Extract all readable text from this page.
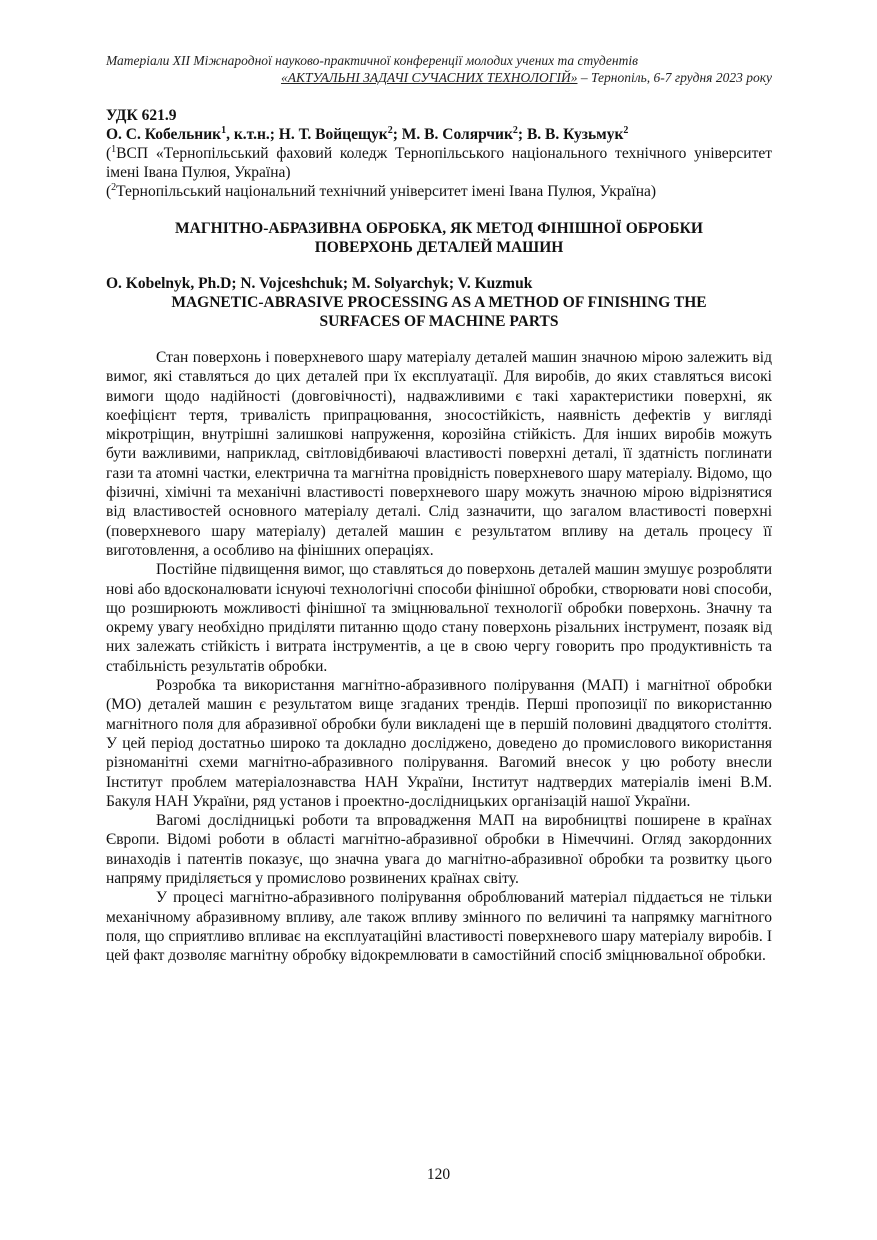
Матеріали XII Міжнародної науково-практичної конференції молодих учених та студентів
«АКТУАЛЬНІ ЗАДАЧІ СУЧАСНИХ ТЕХНОЛОГІЙ» – Тернопіль, 6-7 грудня 2023 року
УДК 621.9
О. С. Кобельник$^1$, к.т.н.; Н. Т. Войцещук$^2$; М. В. Солярчик$^2$; В. В. Кузьмук$^2$
($^1$ВСП «Тернопільський фаховий коледж Тернопільського національного технічного університет імені Івана Пулюя, Україна)
($^2$Тернопільський національний технічний університет імені Івана Пулюя, Україна)
МАГНІТНО-АБРАЗИВНА ОБРОБКА, ЯК МЕТОД ФІНІШНОЇ ОБРОБКИ
ПОВЕРХОНЬ ДЕТАЛЕЙ МАШИН
O. Kobelnyk, Ph.D; N. Vojceshchuk; M. Solyarchyk; V. Kuzmuk
MAGNETIC-ABRASIVE PROCESSING AS A METHOD OF FINISHING THE
SURFACES OF MACHINE PARTS

Стан поверхонь і поверхневого шару матеріалу деталей машин значною мірою залежить від вимог, які ставляться до цих деталей при їх експлуатації. Для виробів, до яких ставляться високі вимоги щодо надійності (довговічності), надважливими є такі характеристики поверхні, як коефіцієнт тертя, тривалість припрацювання, зносостійкість, наявність дефектів у вигляді мікротріщин, внутрішні залишкові напруження, корозійна стійкість. Для інших виробів можуть бути важливими, наприклад, світловідбиваючі властивості поверхні деталі, її здатність поглинати гази та атомні частки, електрична та магнітна провідність поверхневого шару матеріалу. Відомо, що фізичні, хімічні та механічні властивості поверхневого шару можуть значною мірою відрізнятися від властивостей основного матеріалу деталі. Слід зазначити, що загалом властивості поверхні (поверхневого шару матеріалу) деталей машин є результатом впливу на деталь процесу її виготовлення, а особливо на фінішних операціях.

Постійне підвищення вимог, що ставляться до поверхонь деталей машин змушує розробляти нові або вдосконалювати існуючі технологічні способи фінішної обробки, створювати нові способи, що розширюють можливості фінішної та зміцнювальної технології обробки поверхонь. Значну та окрему увагу необхідно приділяти питанню щодо стану поверхонь різальних інструмент, позаяк від них залежать стійкість і витрата інструментів, а це в свою чергу говорить про продуктивність та стабільність результатів обробки.

Розробка та використання магнітно-абразивного полірування (МАП) і магнітної обробки (МО) деталей машин є результатом вище згаданих трендів. Перші пропозиції по використанню магнітного поля для абразивної обробки були викладені ще в першій половині двадцятого століття. У цей період достатньо широко та докладно досліджено, доведено до промислового використання різноманітні схеми магнітно-абразивного полірування. Вагомий внесок у цю роботу внесли Інститут проблем матеріалознавства НАН України, Інститут надтвердих матеріалів імені В.М. Бакуля НАН України, ряд установ і проектно-дослідницьких організацій нашої України.

Вагомі дослідницькі роботи та впровадження МАП на виробництві поширене в країнах Європи. Відомі роботи в області магнітно-абразивної обробки в Німеччині. Огляд закордонних винаходів і патентів показує, що значна увага до магнітно-абразивної обробки та розвитку цього напряму приділяється у промислово розвинених країнах світу.

У процесі магнітно-абразивного полірування оброблюваний матеріал піддається не тільки механічному абразивному впливу, але також впливу змінного по величині та напрямку магнітного поля, що сприятливо впливає на експлуатаційні властивості поверхневого шару матеріалу виробів. І цей факт дозволяє магнітну обробку відокремлювати в самостійний спосіб зміцнювальної обробки.

120
